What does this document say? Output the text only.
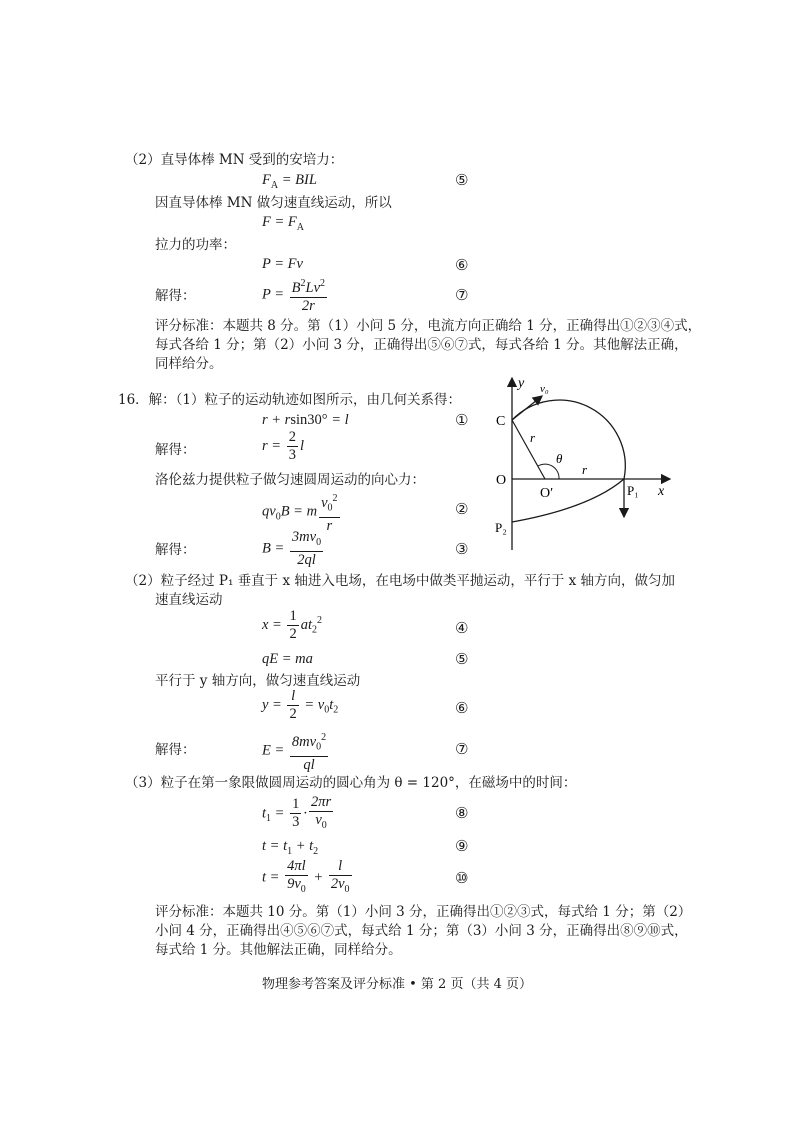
（2）直导体棒 MN 受到的安培力：
$F_A$ = BIL	⑤
因直导体棒 MN 做匀速直线运动，所以
$F = F_A$
拉力的功率：
P = Fv	⑥
解得：	$P = \frac{B^2Lv^2}{2r}$	⑦
评分标准：本题共 8 分。第（1）小问 5 分，电流方向正确给 1 分，正确得出①②③④式，
每式各给 1 分；第（2）小问 3 分，正确得出⑤⑥⑦式，每式各给 1 分。其他解法正确，
同样给分。
16．解：（1）粒子的运动轨迹如图所示，由几何关系得：
r + rsin30° = l	①
解得：	$r = \frac{2}{3}$ l
洛伦兹力提供粒子做匀速圆周运动的向心力：
$qv_0B = m \frac{v_0^2}{r}$	②
解得：	$B = \frac{3mv_0}{2ql}$	③
y
x
v₀
C
O
O′	P₁
P₂
r
r
θ
（2）粒子经过 P₁ 垂直于 x 轴进入电场，在电场中做类平抛运动，平行于 x 轴方向，做匀加
速直线运动
$x = \frac{1}{2} at_2^2$	④
qE = ma	⑤
平行于 y 轴方向，做匀速直线运动
$y = \frac{l}{2} = v_0t_2$	⑥
解得：	$E = \frac{8mv_0^2}{ql}$	⑦
（3）粒子在第一象限做圆周运动的圆心角为 θ = 120°，在磁场中的时间：
$t_1 = \frac{1}{3} \cdot \frac{2\pi r}{v_0}$	⑧
$t = t_1 + t_2$	⑨
$t = \frac{4\pi l}{9v_0} + \frac{l}{2v_0}$	⑩
评分标准：本题共 10 分。第（1）小问 3 分，正确得出①②③式，每式给 1 分；第（2）
小问 4 分，正确得出④⑤⑥⑦式，每式给 1 分；第（3）小问 3 分，正确得出⑧⑨⑩式，
每式给 1 分。其他解法正确，同样给分。
物理参考答案及评分标准 • 第 2 页（共 4 页）
